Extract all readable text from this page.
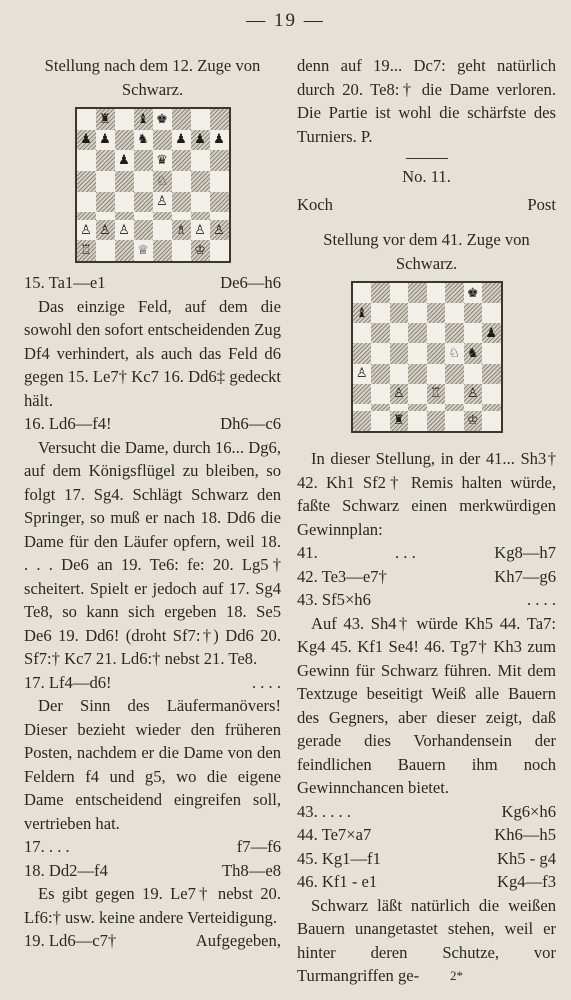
— 19 —
Stellung nach dem 12. Zuge von Schwarz.
♜ ♝ ♚
♟ ♟ ♞ ♟ ♟ ♟
♟ ♛
♘
♙
♙ ♙ ♙	♗ ♙ ♙
♖	♕	♔
15. Ta1—e1	De6—h6
Das einzige Feld, auf dem die sowohl den sofort entscheidenden Zug Df4 verhindert, als auch das Feld d6 gegen 15. Le7† Kc7 16. Dd6‡ gedeckt hält.
16. Ld6—f4!	Dh6—c6
Versucht die Dame, durch 16... Dg6, auf dem Königsflügel zu bleiben, so folgt 17. Sg4. Schlägt Schwarz den Springer, so muß er nach 18. Dd6 die Dame für den Läufer opfern, weil 18. . . . De6 an 19. Te6: fe: 20. Lg5† scheitert. Spielt er jedoch auf 17. Sg4 Te8, so kann sich ergeben 18. Se5 De6 19. Dd6! (droht Sf7:†) Dd6 20. Sf7:† Kc7 21. Ld6:† nebst 21. Te8.
17. Lf4—d6!	. . . .
Der Sinn des Läufermanövers! Dieser bezieht wieder den früheren Posten, nachdem er die Dame von den Feldern f4 und g5, wo die eigene Dame entscheidend eingreifen soll, vertrieben hat.
17. . . .	f7—f6
18. Dd2—f4	Th8—e8
Es gibt gegen 19. Le7† nebst 20. Lf6:† usw. keine andere Verteidigung.
19. Ld6—c7†	Aufgegeben,
denn auf 19... Dc7: geht natürlich durch 20. Te8:† die Dame verloren. Die Partie ist wohl die schärfste des Turniers. P.
No. 11.
Koch	Post
Stellung vor dem 41. Zuge von Schwarz.
♚
♝
♟
♘ ♞
♙
♙ ♖ ♙
♜	♔
In dieser Stellung, in der 41... Sh3† 42. Kh1 Sf2† Remis halten würde, faßte Schwarz einen merkwürdigen Gewinnplan:
41.	. . .	Kg8—h7
42. Te3—e7†	Kh7—g6
43. Sf5×h6	. . . .
Auf 43. Sh4† würde Kh5 44. Ta7: Kg4 45. Kf1 Se4! 46. Tg7† Kh3 zum Gewinn für Schwarz führen. Mit dem Textzuge beseitigt Weiß alle Bauern des Gegners, aber dieser zeigt, daß gerade dies Vorhandensein der feindlichen Bauern ihm noch Gewinnchancen bietet.
43. . . . .	Kg6×h6
44. Te7×a7	Kh6—h5
45. Kg1—f1	Kh5 - g4
46. Kf1 - e1	Kg4—f3
Schwarz läßt natürlich die weißen Bauern unangetastet stehen, weil er hinter deren Schutze, vor Turmangriffen ge-	2*
